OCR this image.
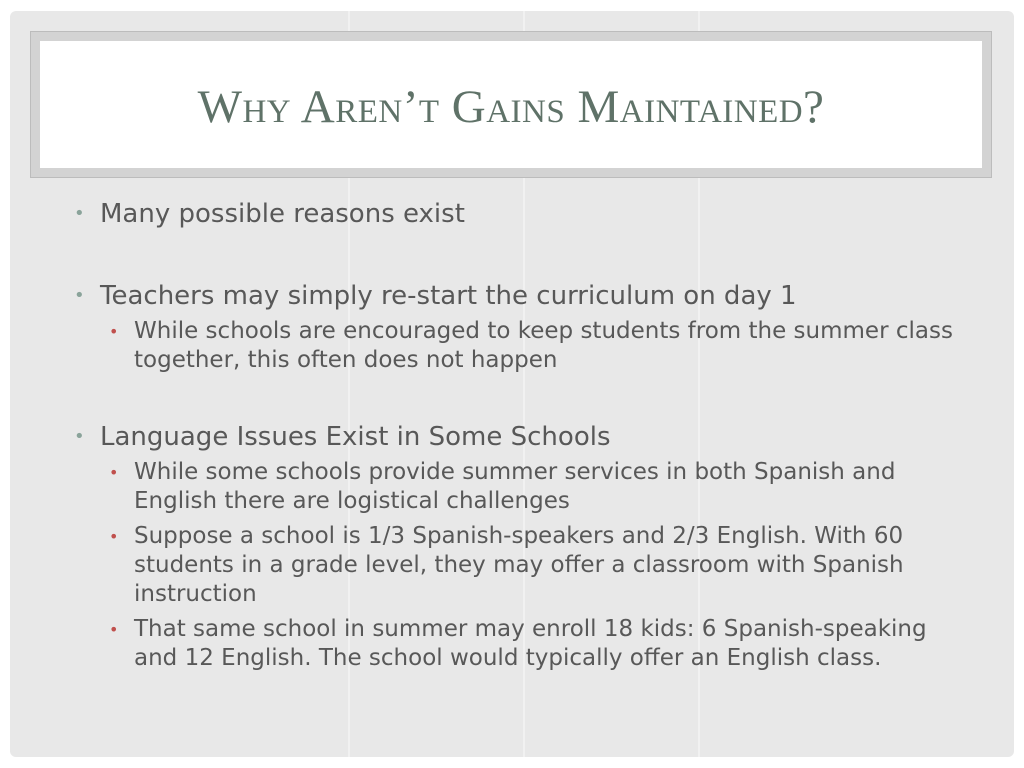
Why Aren’t Gains Maintained?
• Many possible reasons exist
• Teachers may simply re-start the curriculum on day 1
• While schools are encouraged to keep students from the summer class together, this often does not happen
• Language Issues Exist in Some Schools
• While some schools provide summer services in both Spanish and English there are logistical challenges
• Suppose a school is 1/3 Spanish-speakers and 2/3 English. With 60 students in a grade level, they may offer a classroom with Spanish instruction
• That same school in summer may enroll 18 kids: 6 Spanish-speaking and 12 English. The school would typically offer an English class.
